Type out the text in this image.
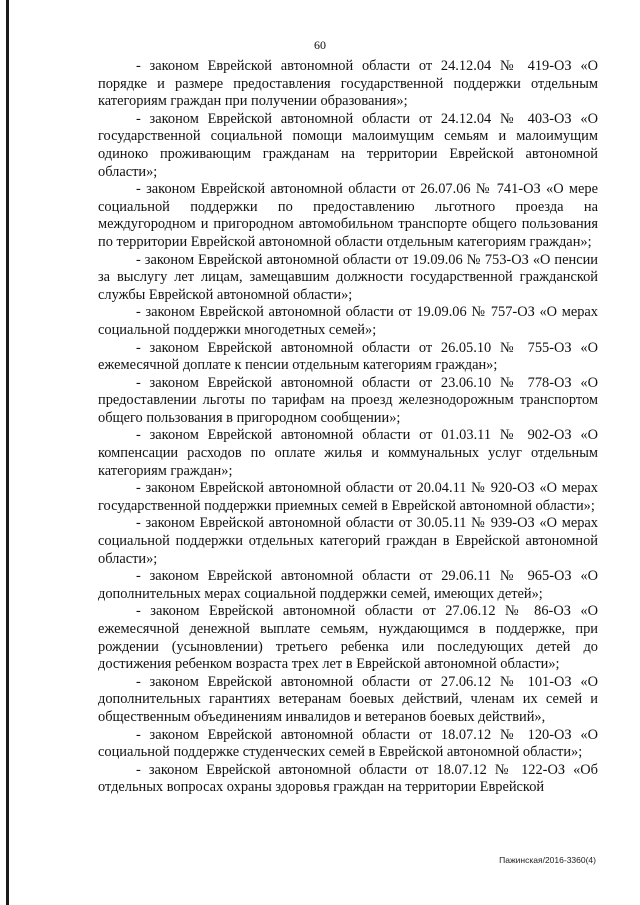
60

- законом Еврейской автономной области от 24.12.04 № 419-ОЗ «О порядке и размере предоставления государственной поддержки отдельным категориям граждан при получении образования»;

- законом Еврейской автономной области от 24.12.04 № 403-ОЗ «О государственной социальной помощи малоимущим семьям и малоимущим одиноко проживающим гражданам на территории Еврейской автономной области»;

- законом Еврейской автономной области от 26.07.06 № 741-ОЗ «О мере социальной поддержки по предоставлению льготного проезда на междугородном и пригородном автомобильном транспорте общего пользования по территории Еврейской автономной области отдельным категориям граждан»;

- законом Еврейской автономной области от 19.09.06 № 753-ОЗ «О пенсии за выслугу лет лицам, замещавшим должности государственной гражданской службы Еврейской автономной области»;

- законом Еврейской автономной области от 19.09.06 № 757-ОЗ «О мерах социальной поддержки многодетных семей»;

- законом Еврейской автономной области от 26.05.10 № 755-ОЗ «О ежемесячной доплате к пенсии отдельным категориям граждан»;

- законом Еврейской автономной области от 23.06.10 № 778-ОЗ «О предоставлении льготы по тарифам на проезд железнодорожным транспортом общего пользования в пригородном сообщении»;

- законом Еврейской автономной области от 01.03.11 № 902-ОЗ «О компенсации расходов по оплате жилья и коммунальных услуг отдельным категориям граждан»;

- законом Еврейской автономной области от 20.04.11 № 920-ОЗ «О мерах государственной поддержки приемных семей в Еврейской автономной области»;

- законом Еврейской автономной области от 30.05.11 № 939-ОЗ «О мерах социальной поддержки отдельных категорий граждан в Еврейской автономной области»;

- законом Еврейской автономной области от 29.06.11 № 965-ОЗ «О дополнительных мерах социальной поддержки семей, имеющих детей»;

- законом Еврейской автономной области от 27.06.12 № 86-ОЗ «О ежемесячной денежной выплате семьям, нуждающимся в поддержке, при рождении (усыновлении) третьего ребенка или последующих детей до достижения ребенком возраста трех лет в Еврейской автономной области»;

- законом Еврейской автономной области от 27.06.12 № 101-ОЗ «О дополнительных гарантиях ветеранам боевых действий, членам их семей и общественным объединениям инвалидов и ветеранов боевых действий»,

- законом Еврейской автономной области от 18.07.12 № 120-ОЗ «О социальной поддержке студенческих семей в Еврейской автономной области»;

- законом Еврейской автономной области от 18.07.12 № 122-ОЗ «Об отдельных вопросах охраны здоровья граждан на территории Еврейской

Пажинская/2016-3360(4)
